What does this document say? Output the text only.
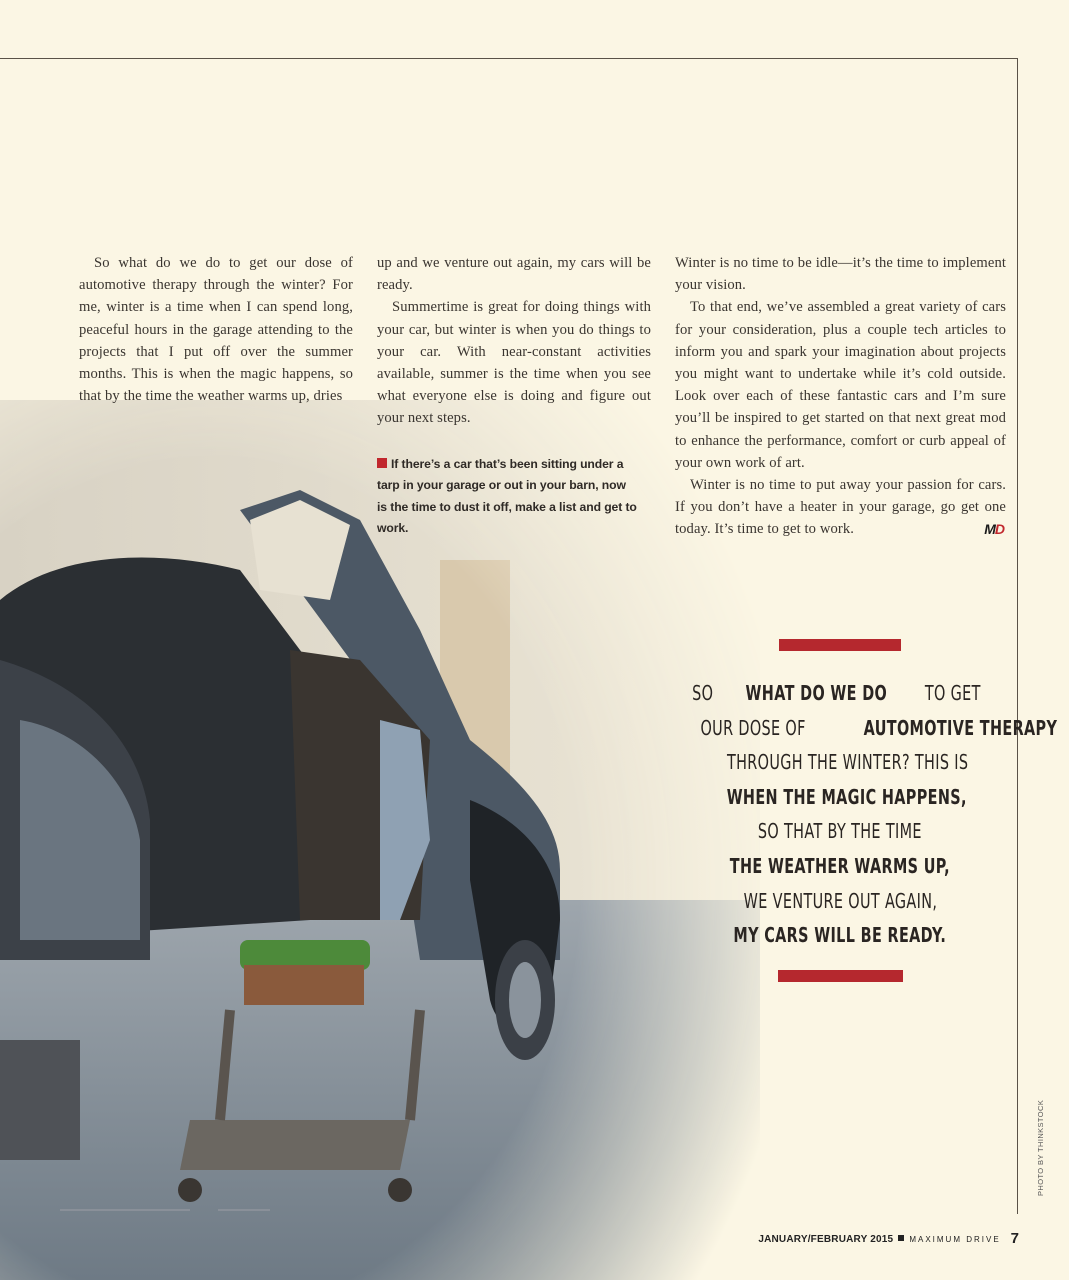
So what do we do to get our dose of automotive therapy through the winter? For me, winter is a time when I can spend long, peaceful hours in the garage attending to the projects that I put off over the summer months. This is when the magic happens, so that by the time the weather warms up, dries

up and we venture out again, my cars will be ready.

Summertime is great for doing things with your car, but winter is when you do things to your car. With near-constant activities available, summer is the time when you see what everyone else is doing and figure out your next steps.

If there’s a car that’s been sitting under a tarp in your garage or out in your barn, now is the time to dust it off, make a list and get to work.

Winter is no time to be idle—it’s the time to implement your vision.

To that end, we’ve assembled a great variety of cars for your consideration, plus a couple tech articles to inform you and spark your imagination about projects you might want to undertake while it’s cold outside. Look over each of these fantastic cars and I’m sure you’ll be inspired to get started on that next great mod to enhance the performance, comfort or curb appeal of your own work of art.

Winter is no time to put away your passion for cars. If you don’t have a heater in your garage, go get one today. It’s time to get to work.	MD

SOWHAT DO WE DOTO GET
OUR DOSE OF	AUTOMOTIVE THERAPY
THROUGH THE WINTER? THIS IS
WHEN THE MAGIC HAPPENS,
SO THAT BY THE TIME
THE WEATHER WARMS UP,
WE VENTURE OUT AGAIN,
MY CARS WILL BE READY.
PHOTO BY THINKSTOCK
JANUARY/FEBRUARY 2015 MAXIMUM DRIVE 7
